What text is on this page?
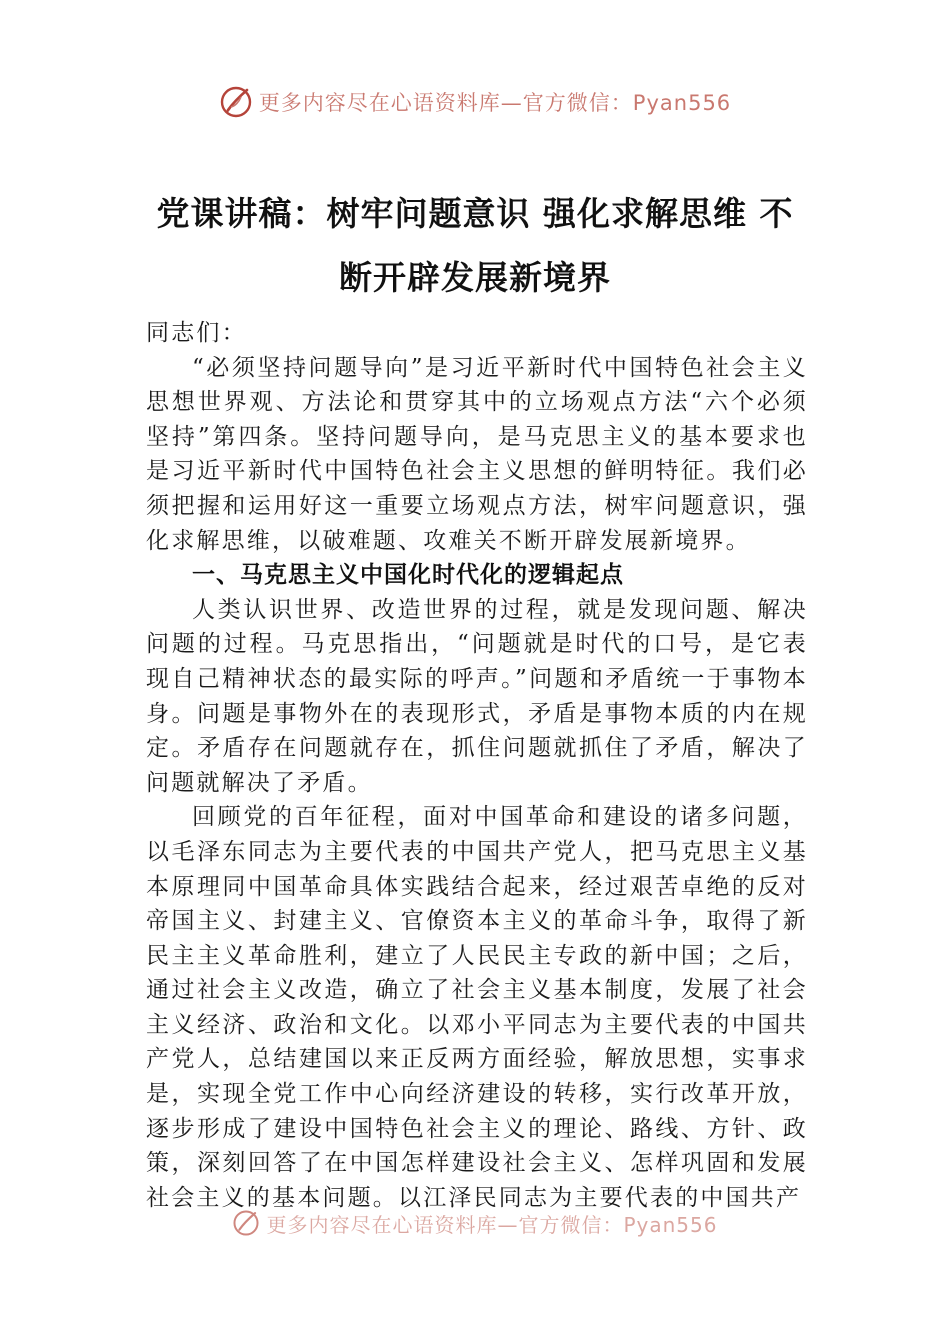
更多内容尽在心语资料库—官方微信：Pyan556
党课讲稿：树牢问题意识 强化求解思维 不断开辟发展新境界

同志们：

“必须坚持问题导向”是习近平新时代中国特色社会主义思想世界观、方法论和贯穿其中的立场观点方法“六个必须坚持”第四条。坚持问题导向，是马克思主义的基本要求也是习近平新时代中国特色社会主义思想的鲜明特征。我们必须把握和运用好这一重要立场观点方法，树牢问题意识，强化求解思维，以破难题、攻难关不断开辟发展新境界。

一、马克思主义中国化时代化的逻辑起点

人类认识世界、改造世界的过程，就是发现问题、解决问题的过程。马克思指出，“问题就是时代的口号，是它表现自己精神状态的最实际的呼声。”问题和矛盾统一于事物本身。问题是事物外在的表现形式，矛盾是事物本质的内在规定。矛盾存在问题就存在，抓住问题就抓住了矛盾，解决了问题就解决了矛盾。

回顾党的百年征程，面对中国革命和建设的诸多问题，以毛泽东同志为主要代表的中国共产党人，把马克思主义基本原理同中国革命具体实践结合起来，经过艰苦卓绝的反对帝国主义、封建主义、官僚资本主义的革命斗争，取得了新民主主义革命胜利，建立了人民民主专政的新中国；之后，通过社会主义改造，确立了社会主义基本制度，发展了社会主义经济、政治和文化。以邓小平同志为主要代表的中国共产党人，总结建国以来正反两方面经验，解放思想，实事求是，实现全党工作中心向经济建设的转移，实行改革开放，逐步形成了建设中国特色社会主义的理论、路线、方针、政策，深刻回答了在中国怎样建设社会主义、怎样巩固和发展社会主义的基本问题。以江泽民同志为主要代表的中国共产

更多内容尽在心语资料库—官方微信：Pyan556
